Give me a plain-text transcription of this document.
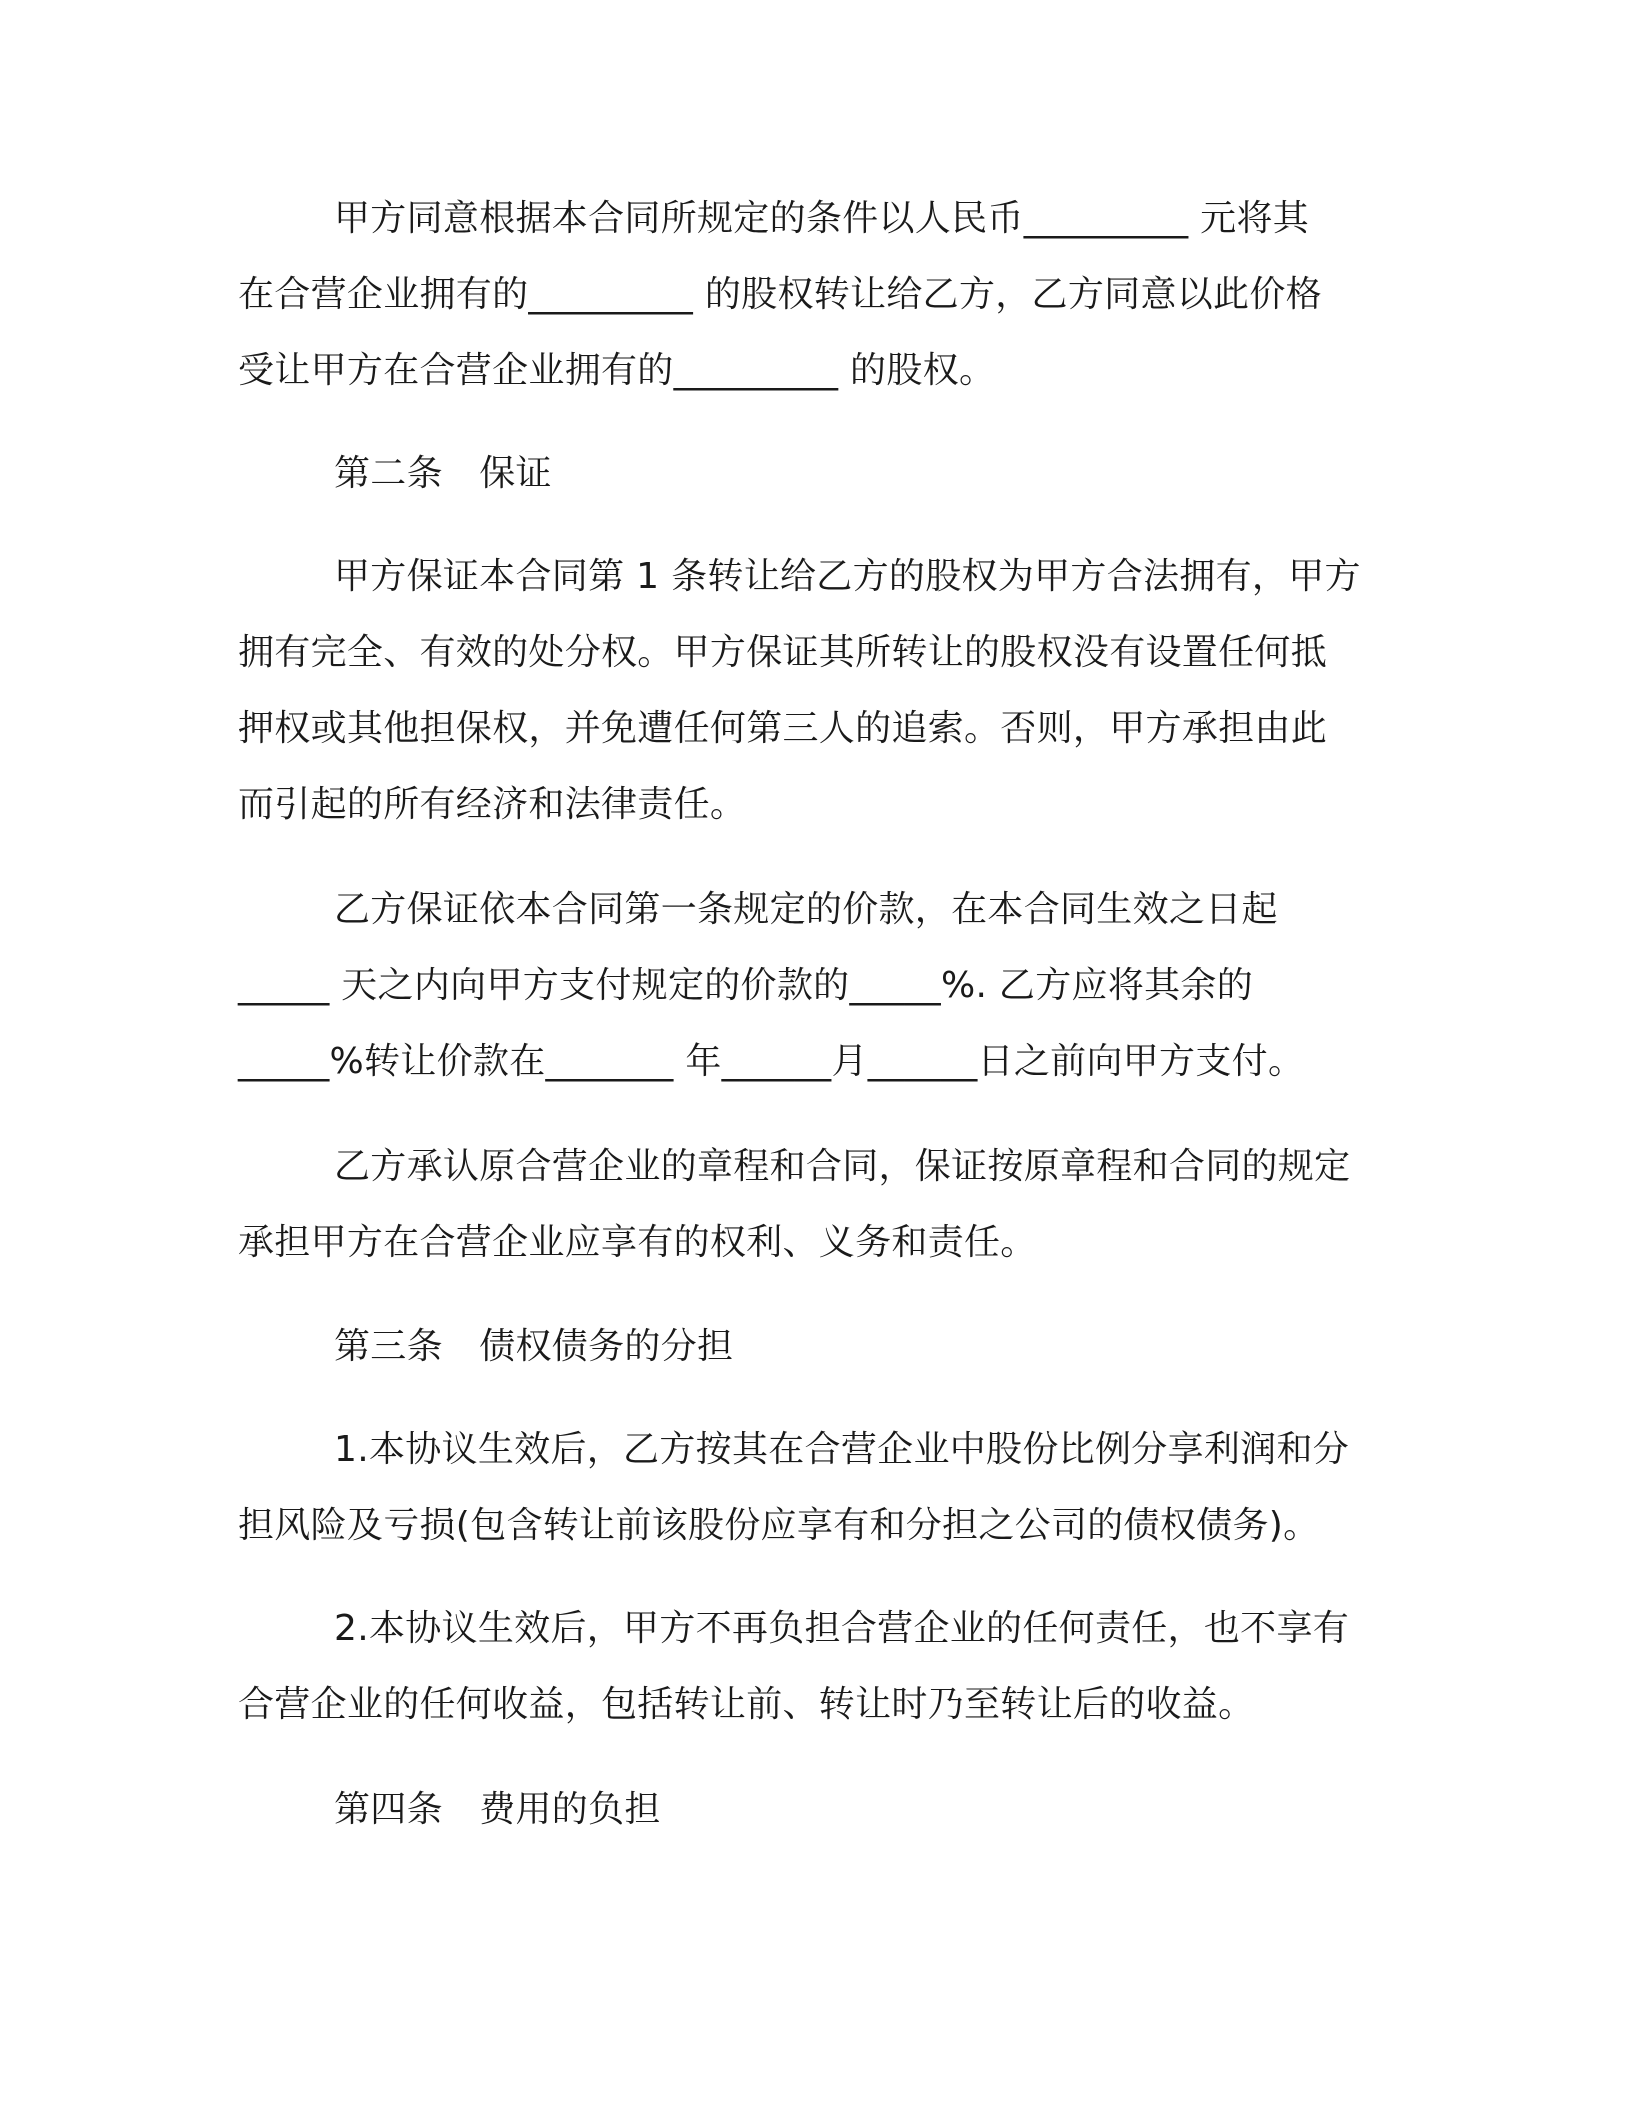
甲方同意根据本合同所规定的条件以人民币_________ 元将其
在合营企业拥有的_________ 的股权转让给乙方，乙方同意以此价格
受让甲方在合营企业拥有的_________ 的股权。
第二条　保证
甲方保证本合同第 1 条转让给乙方的股权为甲方合法拥有，甲方
拥有完全、有效的处分权。甲方保证其所转让的股权没有设置任何抵
押权或其他担保权，并免遭任何第三人的追索。否则，甲方承担由此
而引起的所有经济和法律责任。
乙方保证依本合同第一条规定的价款，在本合同生效之日起
_____ 天之内向甲方支付规定的价款的_____%. 乙方应将其余的
_____%转让价款在_______ 年______月______日之前向甲方支付。
乙方承认原合营企业的章程和合同，保证按原章程和合同的规定
承担甲方在合营企业应享有的权利、义务和责任。
第三条　债权债务的分担
1.本协议生效后，乙方按其在合营企业中股份比例分享利润和分
担风险及亏损(包含转让前该股份应享有和分担之公司的债权债务)。
2.本协议生效后，甲方不再负担合营企业的任何责任，也不享有
合营企业的任何收益，包括转让前、转让时乃至转让后的收益。
第四条　费用的负担
